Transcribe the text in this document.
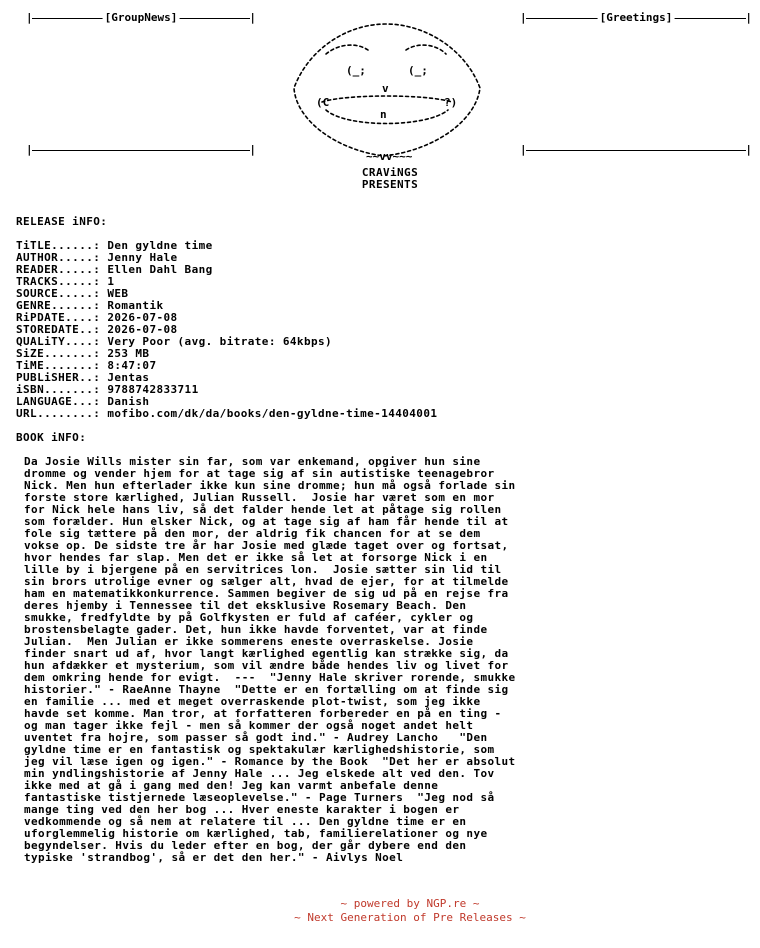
|	[GroupNews]	|	|	[Greetings]	|
|	|	|	|
(_;	(_;
v
(C	?)
n
~~vv~~~
CRAViNGS
PRESENTS
RELEASE iNFO:
TiTLE......: Den gyldne time
AUTHOR.....: Jenny Hale
READER.....: Ellen Dahl Bang
TRACKS.....: 1
SOURCE.....: WEB
GENRE......: Romantik
RiPDATE....: 2026-07-08
STOREDATE..: 2026-07-08
QUALiTY....: Very Poor (avg. bitrate: 64kbps)
SiZE.......: 253 MB
TiME.......: 8:47:07
PUBLiSHER..: Jentas
iSBN.......: 9788742833711
LANGUAGE...: Danish
URL........: mofibo.com/dk/da/books/den-gyldne-time-14404001
BOOK iNFO:
Da Josie Wills mister sin far, som var enkemand, opgiver hun sine
dromme og vender hjem for at tage sig af sin autistiske teenagebror
Nick. Men hun efterlader ikke kun sine dromme; hun må også forlade sin
forste store kærlighed, Julian Russell.  Josie har været som en mor
for Nick hele hans liv, så det falder hende let at påtage sig rollen
som forælder. Hun elsker Nick, og at tage sig af ham får hende til at
fole sig tættere på den mor, der aldrig fik chancen for at se dem
vokse op. De sidste tre år har Josie med glæde taget over og fortsat,
hvor hendes far slap. Men det er ikke så let at forsorge Nick i en
lille by i bjergene på en servitrices lon.  Josie sætter sin lid til
sin brors utrolige evner og sælger alt, hvad de ejer, for at tilmelde
ham en matematikkonkurrence. Sammen begiver de sig ud på en rejse fra
deres hjemby i Tennessee til det eksklusive Rosemary Beach. Den
smukke, fredfyldte by på Golfkysten er fuld af caféer, cykler og
brostensbelagte gader. Det, hun ikke havde forventet, var at finde
Julian.  Men Julian er ikke sommerens eneste overraskelse. Josie
finder snart ud af, hvor langt kærlighed egentlig kan strække sig, da
hun afdækker et mysterium, som vil ændre både hendes liv og livet for
dem omkring hende for evigt.  ---  "Jenny Hale skriver rorende, smukke
historier." - RaeAnne Thayne  "Dette er en fortælling om at finde sig
en familie ... med et meget overraskende plot-twist, som jeg ikke
havde set komme. Man tror, at forfatteren forbereder en på en ting -
og man tager ikke fejl - men så kommer der også noget andet helt
uventet fra hojre, som passer så godt ind." - Audrey Lancho   "Den
gyldne time er en fantastisk og spektakulær kærlighedshistorie, som
jeg vil læse igen og igen." - Romance by the Book  "Det her er absolut
min yndlingshistorie af Jenny Hale ... Jeg elskede alt ved den. Tov
ikke med at gå i gang med den! Jeg kan varmt anbefale denne
fantastiske tistjernede læseoplevelse." - Page Turners  "Jeg nod så
mange ting ved den her bog ... Hver eneste karakter i bogen er
vedkommende og så nem at relatere til ... Den gyldne time er en
uforglemmelig historie om kærlighed, tab, familierelationer og nye
begyndelser. Hvis du leder efter en bog, der går dybere end den
typiske 'strandbog', så er det den her." - Aivlys Noel
~ powered by NGP.re ~
~ Next Generation of Pre Releases ~
